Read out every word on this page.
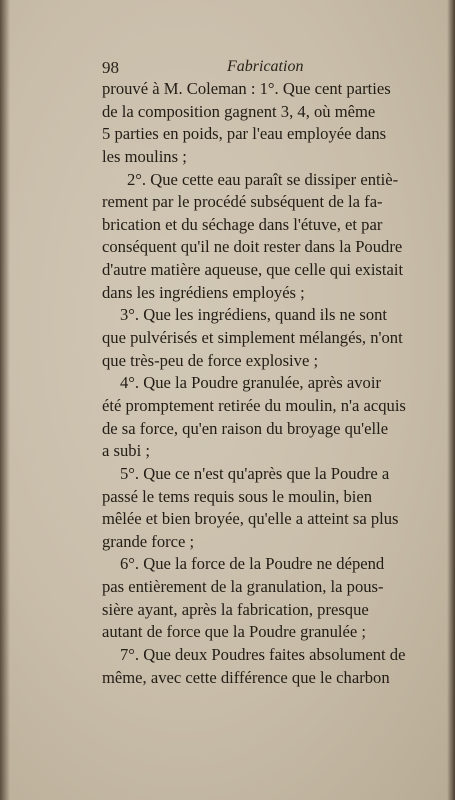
98	Fabrication
prouvé à M. Coleman : 1°. Que cent parties
de la composition gagnent 3, 4, où même
5 parties en poids, par l'eau employée dans
les moulins ;
2°. Que cette eau paraît se dissiper entiè-
rement par le procédé subséquent de la fa-
brication et du séchage dans l'étuve, et par
conséquent qu'il ne doit rester dans la Poudre
d'autre matière aqueuse, que celle qui existait
dans les ingrédiens employés ;
3°. Que les ingrédiens, quand ils ne sont
que pulvérisés et simplement mélangés, n'ont
que très-peu de force explosive ;
4°. Que la Poudre granulée, après avoir
été promptement retirée du moulin, n'a acquis
de sa force, qu'en raison du broyage qu'elle
a subi ;
5°. Que ce n'est qu'après que la Poudre a
passé le tems requis sous le moulin, bien
mêlée et bien broyée, qu'elle a atteint sa plus
grande force ;
6°. Que la force de la Poudre ne dépend
pas entièrement de la granulation, la pous-
sière ayant, après la fabrication, presque
autant de force que la Poudre granulée ;
7°. Que deux Poudres faites absolument de
même, avec cette différence que le charbon
